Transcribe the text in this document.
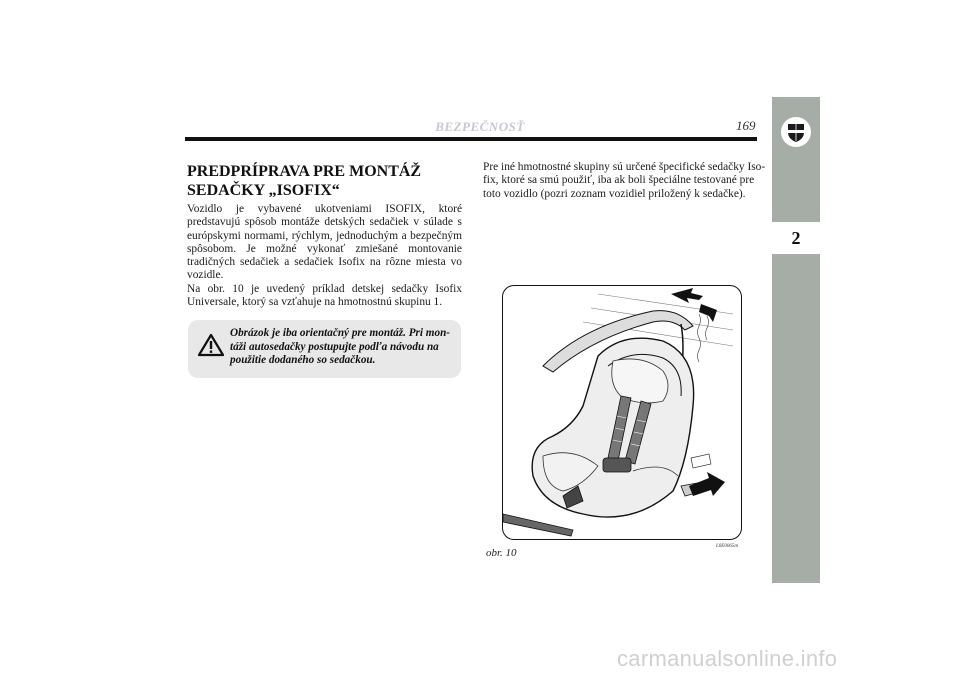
BEZPEČNOSŤ	169
2
PREDPRÍPRAVA PRE MONTÁŽ
SEDAČKY „ISOFIX“

Vozidlo je vybavené ukotveniami ISOFIX, ktoré predstavujú spôsob montáže detských sedačiek v súlade s európskymi normami, rýchlym, jednoduchým a bezpečným spôsobom. Je možné vykonať zmiešané montovanie tradičných sedačiek a sedačiek Isofix na rôzne miesta vo vozidle.

Na obr. 10 je uvedený príklad detskej sedačky Isofix Universale, ktorý sa vzťahuje na hmotnostnú skupinu 1.

Obrázok je iba orientačný pre montáž. Pri mon-
táži autosedačky postupujte podľa návodu na
použitie dodaného so sedačkou.
Pre iné hmotnostné skupiny sú určené špecifické sedačky Iso-
fix, ktoré sa smú použiť, iba ak boli špeciálne testované pre
toto vozidlo (pozri zoznam vozidiel priložený k sedačke).
obr. 10
L0E0065m
carmanualsonline.info
